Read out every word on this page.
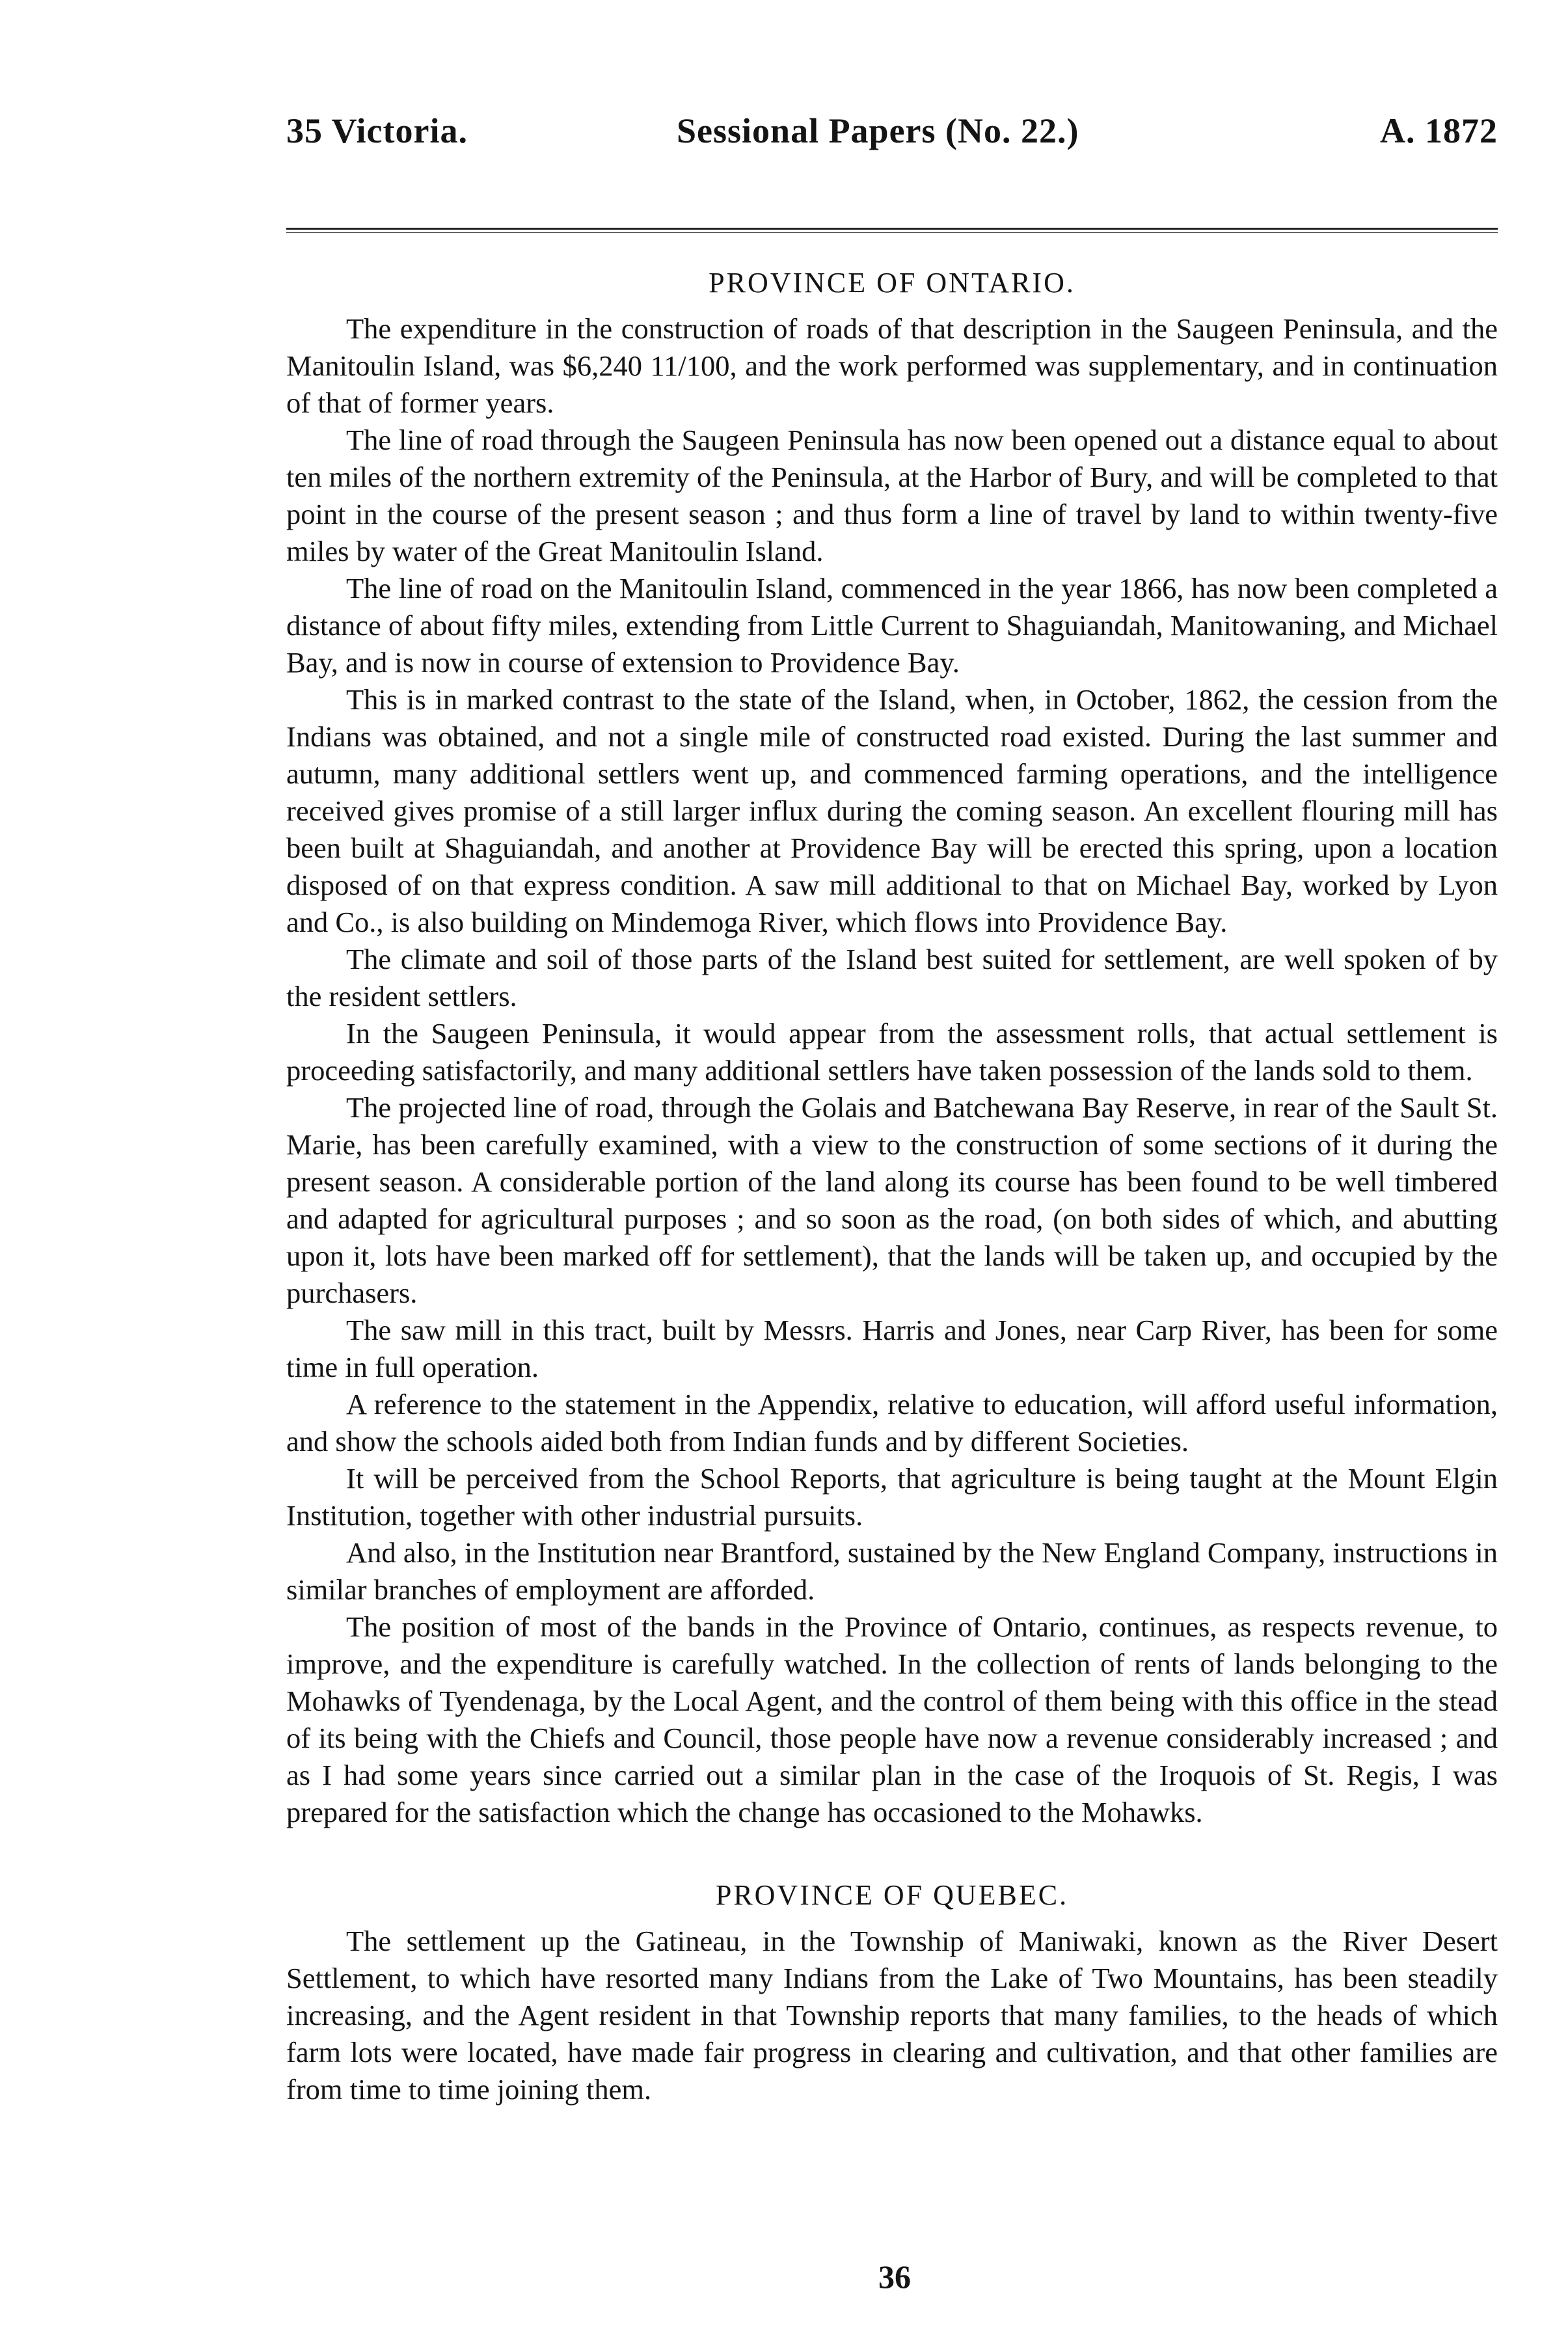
35 Victoria.	Sessional Papers (No. 22.)	A. 1872
PROVINCE OF ONTARIO.

The expenditure in the construction of roads of that description in the Saugeen Peninsula, and the Manitoulin Island, was $6,240 11/100, and the work performed was supplementary, and in continuation of that of former years.

The line of road through the Saugeen Peninsula has now been opened out a distance equal to about ten miles of the northern extremity of the Peninsula, at the Harbor of Bury, and will be completed to that point in the course of the present season ; and thus form a line of travel by land to within twenty-five miles by water of the Great Manitoulin Island.

The line of road on the Manitoulin Island, commenced in the year 1866, has now been completed a distance of about fifty miles, extending from Little Current to Shaguiandah, Manitowaning, and Michael Bay, and is now in course of extension to Providence Bay.

This is in marked contrast to the state of the Island, when, in October, 1862, the cession from the Indians was obtained, and not a single mile of constructed road existed. During the last summer and autumn, many additional settlers went up, and commenced farming operations, and the intelligence received gives promise of a still larger influx during the coming season. An excellent flouring mill has been built at Shaguiandah, and another at Providence Bay will be erected this spring, upon a location disposed of on that express condition. A saw mill additional to that on Michael Bay, worked by Lyon and Co., is also building on Mindemoga River, which flows into Providence Bay.

The climate and soil of those parts of the Island best suited for settlement, are well spoken of by the resident settlers.

In the Saugeen Peninsula, it would appear from the assessment rolls, that actual settlement is proceeding satisfactorily, and many additional settlers have taken possession of the lands sold to them.

The projected line of road, through the Golais and Batchewana Bay Reserve, in rear of the Sault St. Marie, has been carefully examined, with a view to the construction of some sections of it during the present season. A considerable portion of the land along its course has been found to be well timbered and adapted for agricultural purposes ; and so soon as the road, (on both sides of which, and abutting upon it, lots have been marked off for settlement), that the lands will be taken up, and occupied by the purchasers.

The saw mill in this tract, built by Messrs. Harris and Jones, near Carp River, has been for some time in full operation.

A reference to the statement in the Appendix, relative to education, will afford useful information, and show the schools aided both from Indian funds and by different Societies.

It will be perceived from the School Reports, that agriculture is being taught at the Mount Elgin Institution, together with other industrial pursuits.

And also, in the Institution near Brantford, sustained by the New England Company, instructions in similar branches of employment are afforded.

The position of most of the bands in the Province of Ontario, continues, as respects revenue, to improve, and the expenditure is carefully watched. In the collection of rents of lands belonging to the Mohawks of Tyendenaga, by the Local Agent, and the control of them being with this office in the stead of its being with the Chiefs and Council, those people have now a revenue considerably increased ; and as I had some years since carried out a similar plan in the case of the Iroquois of St. Regis, I was prepared for the satisfaction which the change has occasioned to the Mohawks.

PROVINCE OF QUEBEC.

The settlement up the Gatineau, in the Township of Maniwaki, known as the River Desert Settlement, to which have resorted many Indians from the Lake of Two Mountains, has been steadily increasing, and the Agent resident in that Township reports that many families, to the heads of which farm lots were located, have made fair progress in clearing and cultivation, and that other families are from time to time joining them.

36
